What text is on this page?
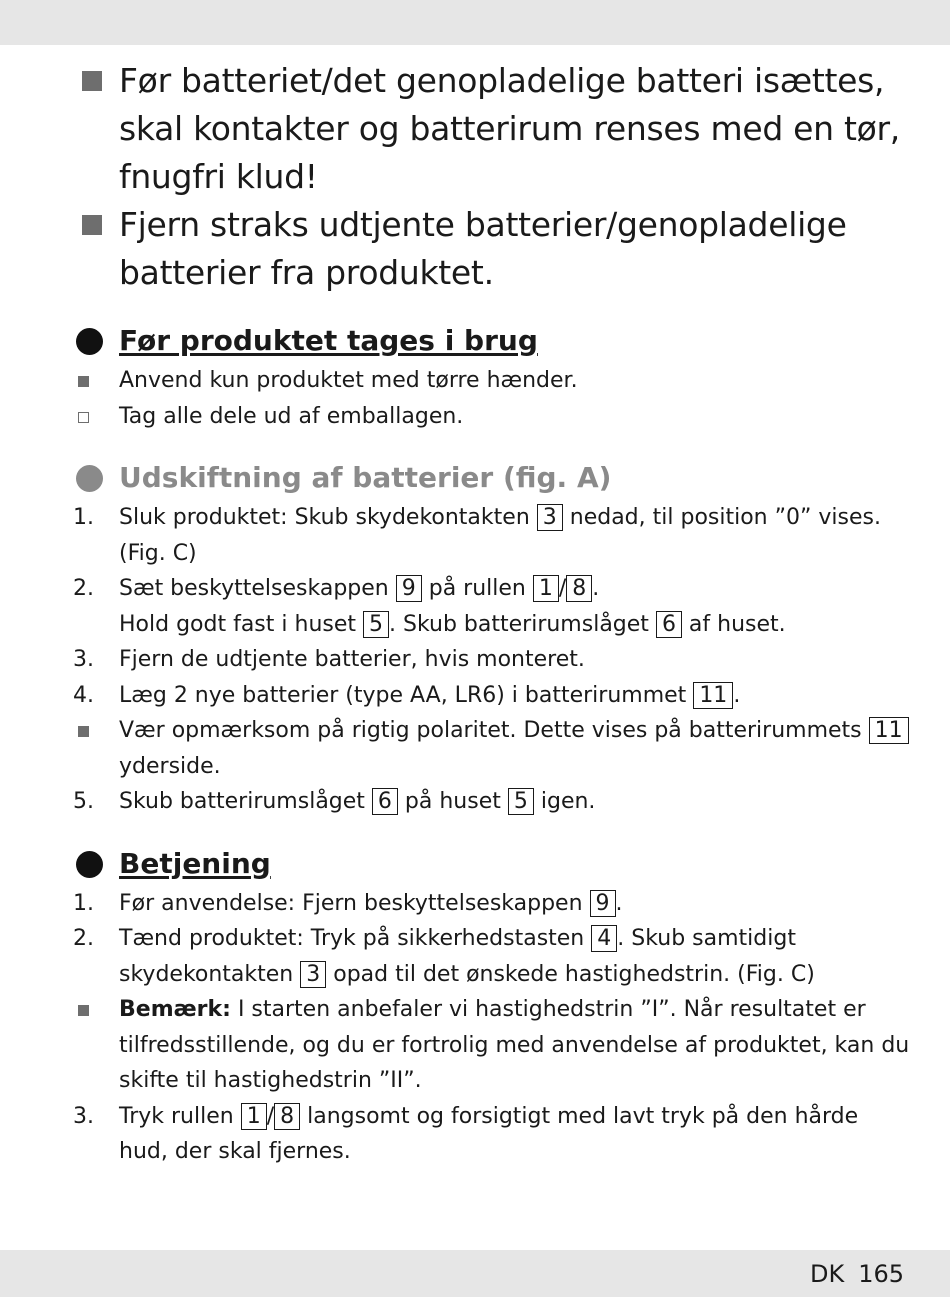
Før batteriet/det genopladelige batteri isættes, skal kontakter og batterirum renses med en tør, fnugfri klud!
Fjern straks udtjente batterier/genopladelige batterier fra produktet.
Før produktet tages i brug
Anvend kun produktet med tørre hænder.
Tag alle dele ud af emballagen.
Udskiftning af batterier (fig. A)
1. Sluk produktet: Skub skydekontakten 3 nedad, til position ”0” vises. (Fig. C)
2. Sæt beskyttelseskappen 9 på rullen 1 / 8 .
Hold godt fast i huset 5 . Skub batterirumslåget 6 af huset.
3. Fjern de udtjente batterier, hvis monteret.
4. Læg 2 nye batterier (type AA, LR6) i batterirummet 11 .
Vær opmærksom på rigtig polaritet. Dette vises på batterirummets 11 yderside.
5. Skub batterirumslåget 6 på huset 5 igen.
Betjening
1. Før anvendelse: Fjern beskyttelseskappen 9 .
2. Tænd produktet: Tryk på sikkerhedstasten 4 . Skub samtidigt skydekontakten 3 opad til det ønskede hastighedstrin. (Fig. C)
Bemærk: I starten anbefaler vi hastighedstrin ”I”. Når resultatet er tilfredsstillende, og du er fortrolig med anvendelse af produktet, kan du skifte til hastighedstrin ”II”.
3. Tryk rullen 1 / 8 langsomt og forsigtigt med lavt tryk på den hårde hud, der skal fjernes.
DK 165
